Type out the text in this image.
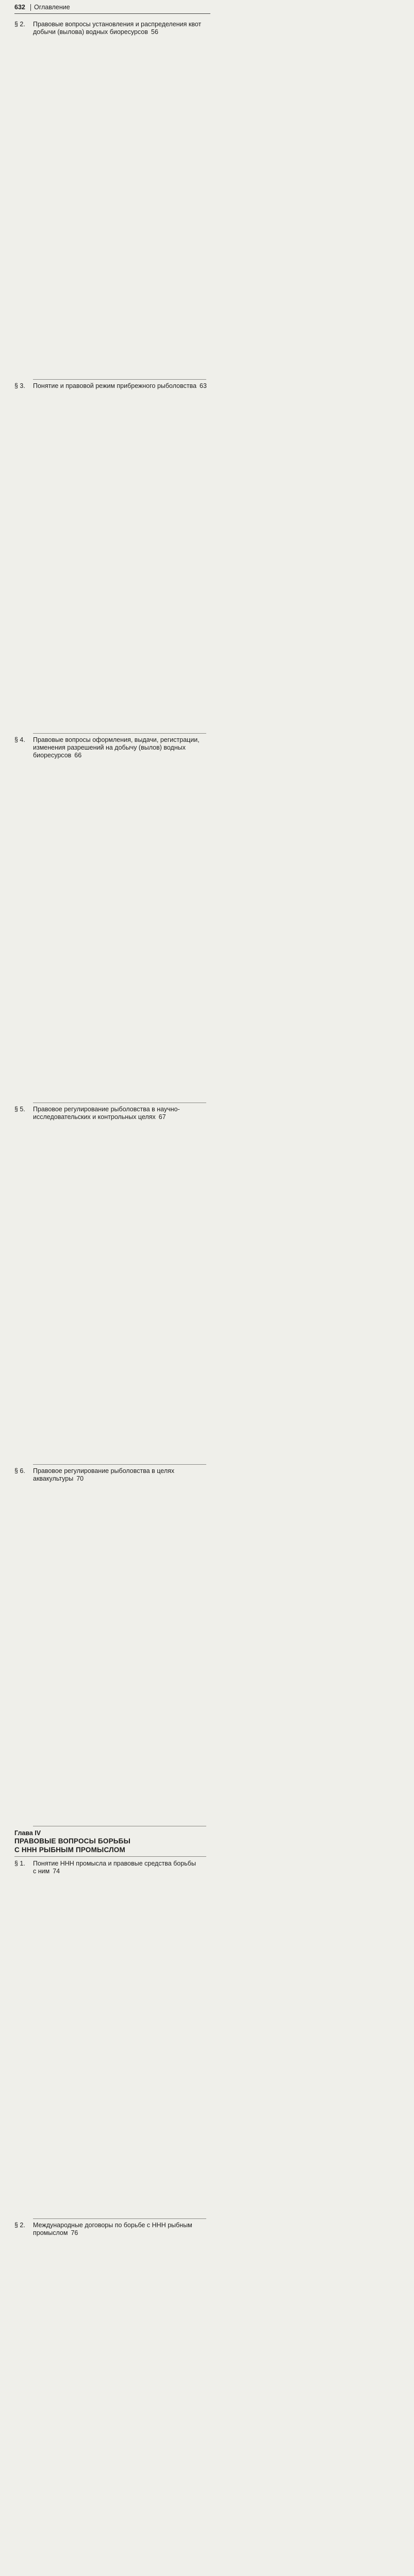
632 Оглавление
§ 2.	Правовые вопросы установления и распределения квот
добычи (вылова) водных биоресурсов 56
§ 3.	Понятие и правовой режим прибрежного рыболовства 63
§ 4.	Правовые вопросы оформления, выдачи, регистрации,
изменения разрешений на добычу (вылов) водных
биоресурсов 66
§ 5.	Правовое регулирование рыболовства в научно-
исследовательских и контрольных целях 67
§ 6.	Правовое регулирование рыболовства в целях
аквакультуры 70
Глава IV
ПРАВОВЫЕ ВОПРОСЫ БОРЬБЫ
С ННН РЫБНЫМ ПРОМЫСЛОМ
§ 1.	Понятие ННН промысла и правовые средства борьбы
с ним 74
§ 2.	Международные договоры по борьбе с ННН рыбным
промыслом 76
